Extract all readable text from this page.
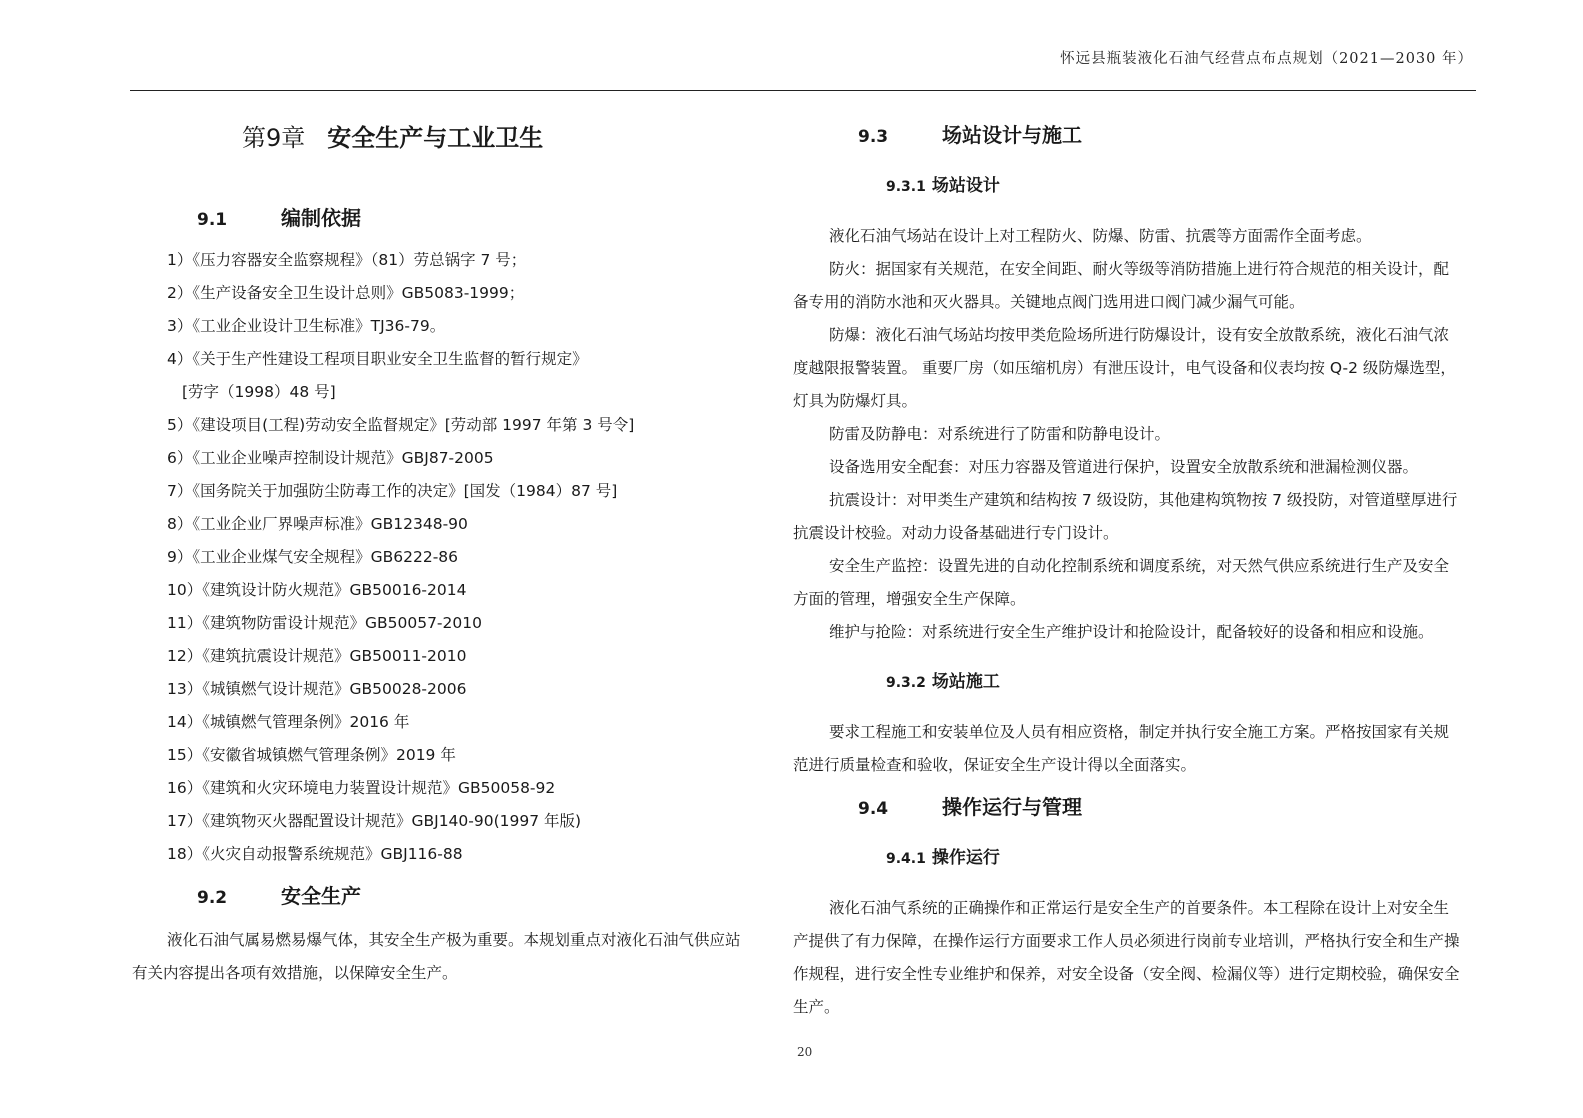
怀远县瓶装液化石油气经营点布点规划（2021—2030 年）
第9章 安全生产与工业卫生
9.1	编制依据
1）《压力容器安全监察规程》（81）劳总锅字 7 号；
2）《生产设备安全卫生设计总则》GB5083-1999；
3）《工业企业设计卫生标准》TJ36-79。
4）《关于生产性建设工程项目职业安全卫生监督的暂行规定》
[劳字（1998）48 号]
5）《建设项目(工程)劳动安全监督规定》[劳动部 1997 年第 3 号令]
6）《工业企业噪声控制设计规范》GBJ87-2005
7）《国务院关于加强防尘防毒工作的决定》[国发（1984）87 号]
8）《工业企业厂界噪声标准》GB12348-90
9）《工业企业煤气安全规程》GB6222-86
10）《建筑设计防火规范》GB50016-2014
11）《建筑物防雷设计规范》GB50057-2010
12）《建筑抗震设计规范》GB50011-2010
13）《城镇燃气设计规范》GB50028-2006
14）《城镇燃气管理条例》2016 年
15）《安徽省城镇燃气管理条例》2019 年
16）《建筑和火灾环境电力装置设计规范》GB50058-92
17）《建筑物灭火器配置设计规范》GBJ140-90(1997 年版)
18）《火灾自动报警系统规范》GBJ116-88
9.2	安全生产
液化石油气属易燃易爆气体，其安全生产极为重要。本规划重点对液化石油气供应站
有关内容提出各项有效措施，以保障安全生产。
9.3	场站设计与施工
9.3.1 场站设计
液化石油气场站在设计上对工程防火、防爆、防雷、抗震等方面需作全面考虑。
防火：据国家有关规范，在安全间距、耐火等级等消防措施上进行符合规范的相关设计，配
备专用的消防水池和灭火器具。关键地点阀门选用进口阀门减少漏气可能。
防爆：液化石油气场站均按甲类危险场所进行防爆设计，设有安全放散系统，液化石油气浓
度越限报警装置。 重要厂房（如压缩机房）有泄压设计，电气设备和仪表均按 Q-2 级防爆选型，
灯具为防爆灯具。
防雷及防静电：对系统进行了防雷和防静电设计。
设备选用安全配套：对压力容器及管道进行保护，设置安全放散系统和泄漏检测仪器。
抗震设计：对甲类生产建筑和结构按 7 级设防，其他建构筑物按 7 级投防，对管道壁厚进行
抗震设计校验。对动力设备基础进行专门设计。
安全生产监控：设置先进的自动化控制系统和调度系统，对天然气供应系统进行生产及安全
方面的管理，增强安全生产保障。
维护与抢险：对系统进行安全生产维护设计和抢险设计，配备较好的设备和相应和设施。
9.3.2 场站施工
要求工程施工和安装单位及人员有相应资格，制定并执行安全施工方案。严格按国家有关规
范进行质量检查和验收，保证安全生产设计得以全面落实。
9.4	操作运行与管理
9.4.1 操作运行
液化石油气系统的正确操作和正常运行是安全生产的首要条件。本工程除在设计上对安全生
产提供了有力保障，在操作运行方面要求工作人员必须进行岗前专业培训，严格执行安全和生产操
作规程，进行安全性专业维护和保养，对安全设备（安全阀、检漏仪等）进行定期校验，确保安全
生产。
20
